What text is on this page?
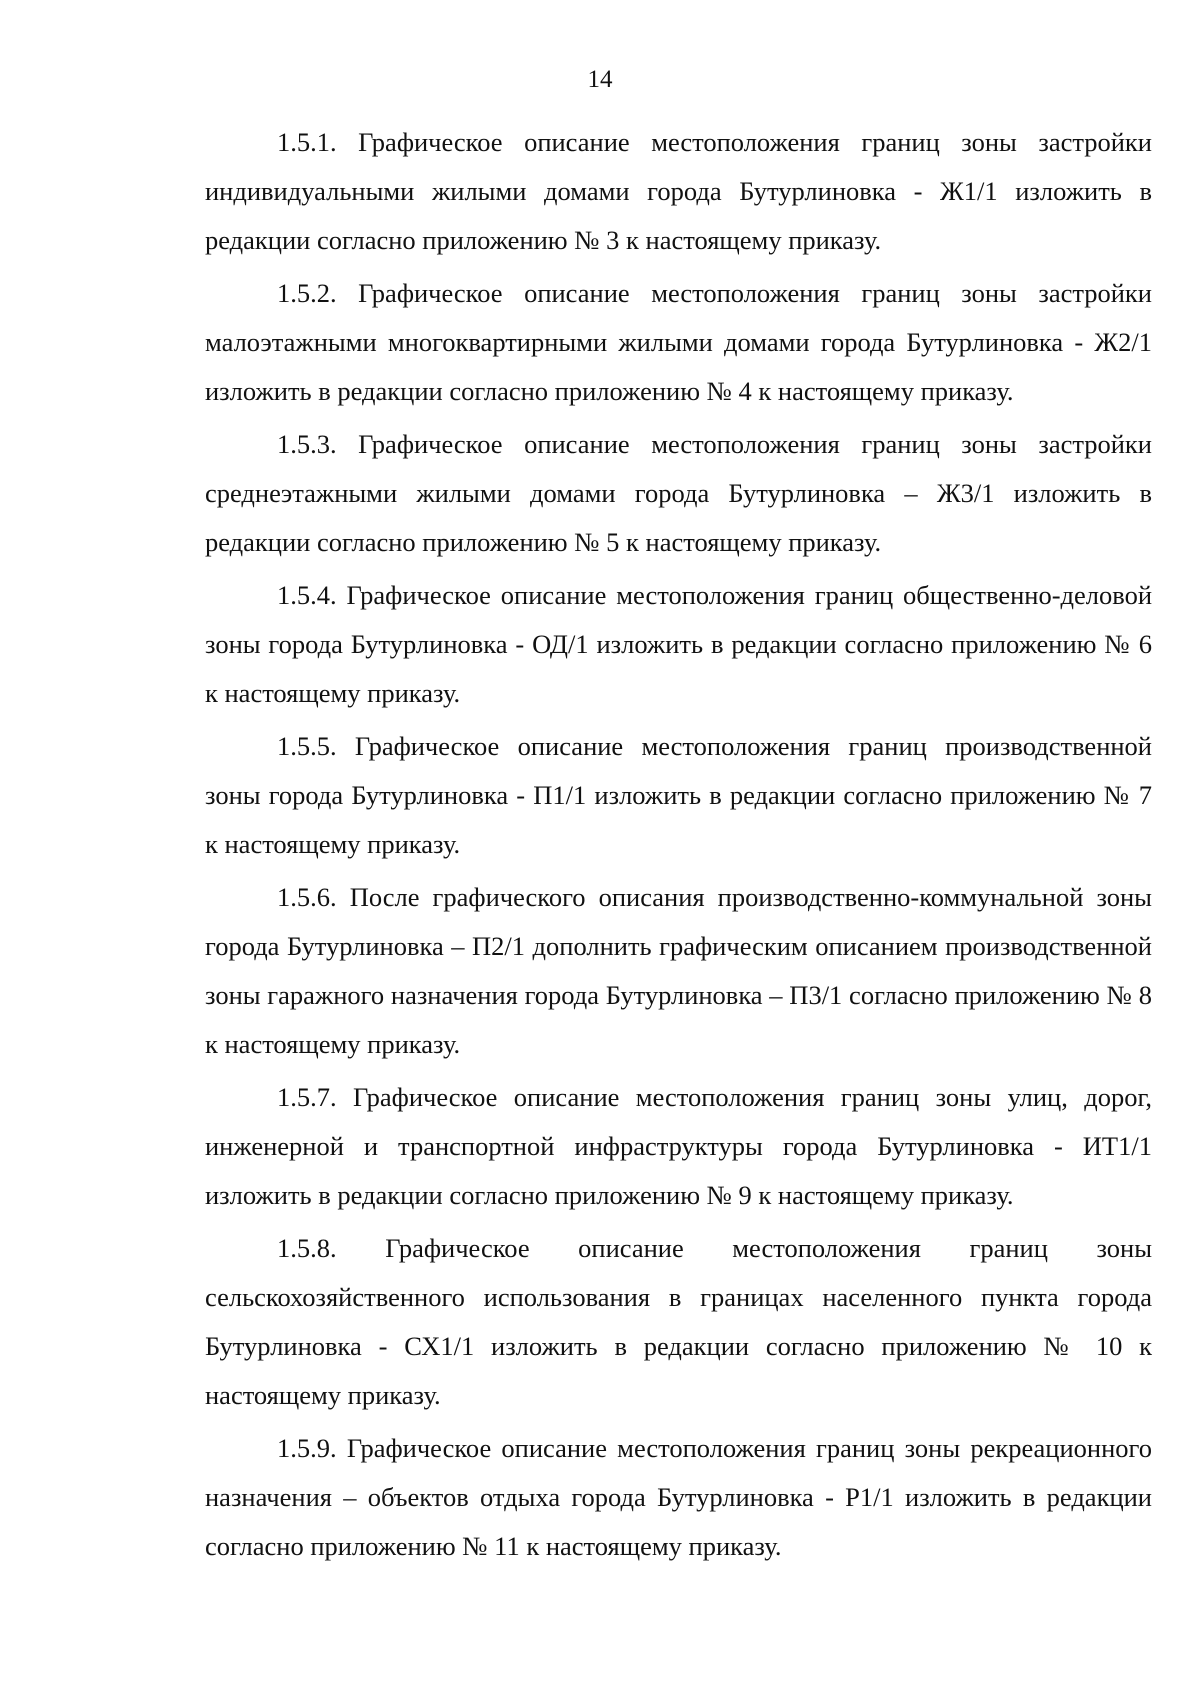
14

1.5.1. Графическое описание местоположения границ зоны застройки индивидуальными жилыми домами города Бутурлиновка - Ж1/1 изложить в редакции согласно приложению № 3 к настоящему приказу.

1.5.2. Графическое описание местоположения границ зоны застройки малоэтажными многоквартирными жилыми домами города Бутурлиновка - Ж2/1 изложить в редакции согласно приложению № 4 к настоящему приказу.

1.5.3. Графическое описание местоположения границ зоны застройки среднеэтажными жилыми домами города Бутурлиновка – Ж3/1 изложить в редакции согласно приложению № 5 к настоящему приказу.

1.5.4. Графическое описание местоположения границ общественно-деловой зоны города Бутурлиновка - ОД/1 изложить в редакции согласно приложению № 6 к настоящему приказу.

1.5.5. Графическое описание местоположения границ производственной зоны города Бутурлиновка - П1/1 изложить в редакции согласно приложению № 7 к настоящему приказу.

1.5.6. После графического описания производственно-коммунальной зоны города Бутурлиновка – П2/1 дополнить графическим описанием производственной зоны гаражного назначения города Бутурлиновка – П3/1 согласно приложению № 8 к настоящему приказу.

1.5.7. Графическое описание местоположения границ зоны улиц, дорог, инженерной и транспортной инфраструктуры города Бутурлиновка - ИТ1/1 изложить в редакции согласно приложению № 9 к настоящему приказу.

1.5.8. Графическое описание местоположения границ зоны сельскохозяйственного использования в границах населенного пункта города Бутурлиновка - СХ1/1 изложить в редакции согласно приложению № 10 к настоящему приказу.

1.5.9. Графическое описание местоположения границ зоны рекреационного назначения – объектов отдыха города Бутурлиновка - Р1/1 изложить в редакции согласно приложению № 11 к настоящему приказу.
